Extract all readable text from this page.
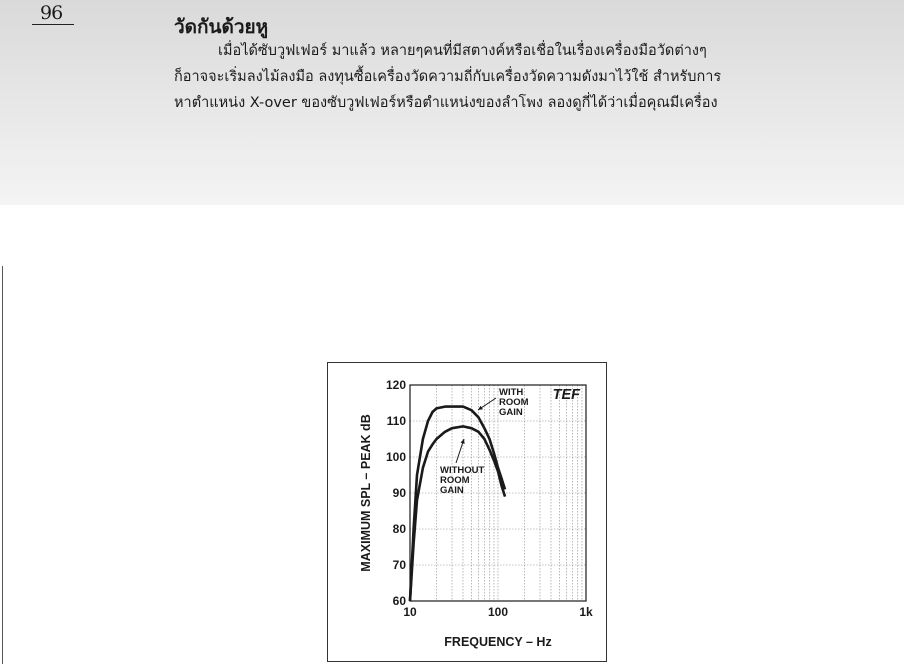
96
วัดกันด้วยหู
เมื่อได้ซับวูฟเฟอร์ มาแล้ว หลายๆคนที่มีสตางค์หรือเชื่อในเรื่องเครื่องมือวัดต่างๆ
ก็อาจจะเริ่มลงไม้ลงมือ ลงทุนซื้อเครื่องวัดความถี่กับเครื่องวัดความดังมาไว้ใช้ สำหรับการ
หาตำแหน่ง X-over ของซับวูฟเฟอร์หรือตำแหน่งของลำโพง ลองดูกี่ได้ว่าเมื่อคุณมีเครื่อง
60
70
80
90
100
110
120
10	100	1k
FREQUENCY – Hz
MAXIMUM SPL – PEAK dB
TEF
WITH
ROOM
GAIN
WITHOUT
ROOM
GAIN
